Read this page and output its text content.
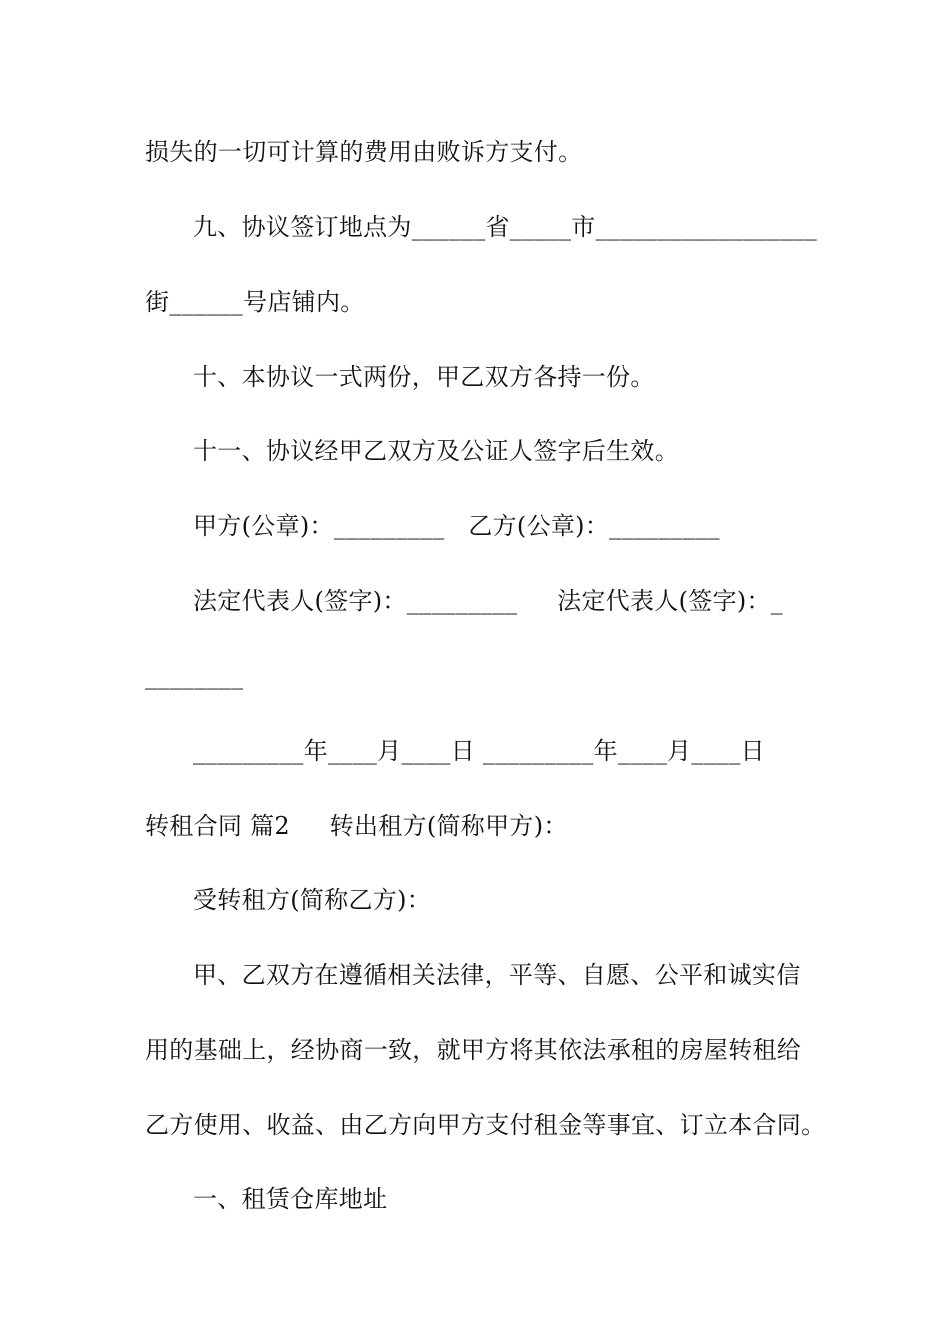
损失的一切可计算的费用由败诉方支付。
九、协议签订地点为______省_____市__________________
街______号店铺内。
十、本协议一式两份，甲乙双方各持一份。
十一、协议经甲乙双方及公证人签字后生效。
甲方(公章)：_________   乙方(公章)：_________
法定代表人(签字)：_________     法定代表人(签字)：_
________
_________年____月____日 _________年____月____日
转租合同 篇2     转出租方(简称甲方)：
受转租方(简称乙方)：
甲、乙双方在遵循相关法律，平等、自愿、公平和诚实信
用的基础上，经协商一致，就甲方将其依法承租的房屋转租给
乙方使用、收益、由乙方向甲方支付租金等事宜、订立本合同。
一、租赁仓库地址
